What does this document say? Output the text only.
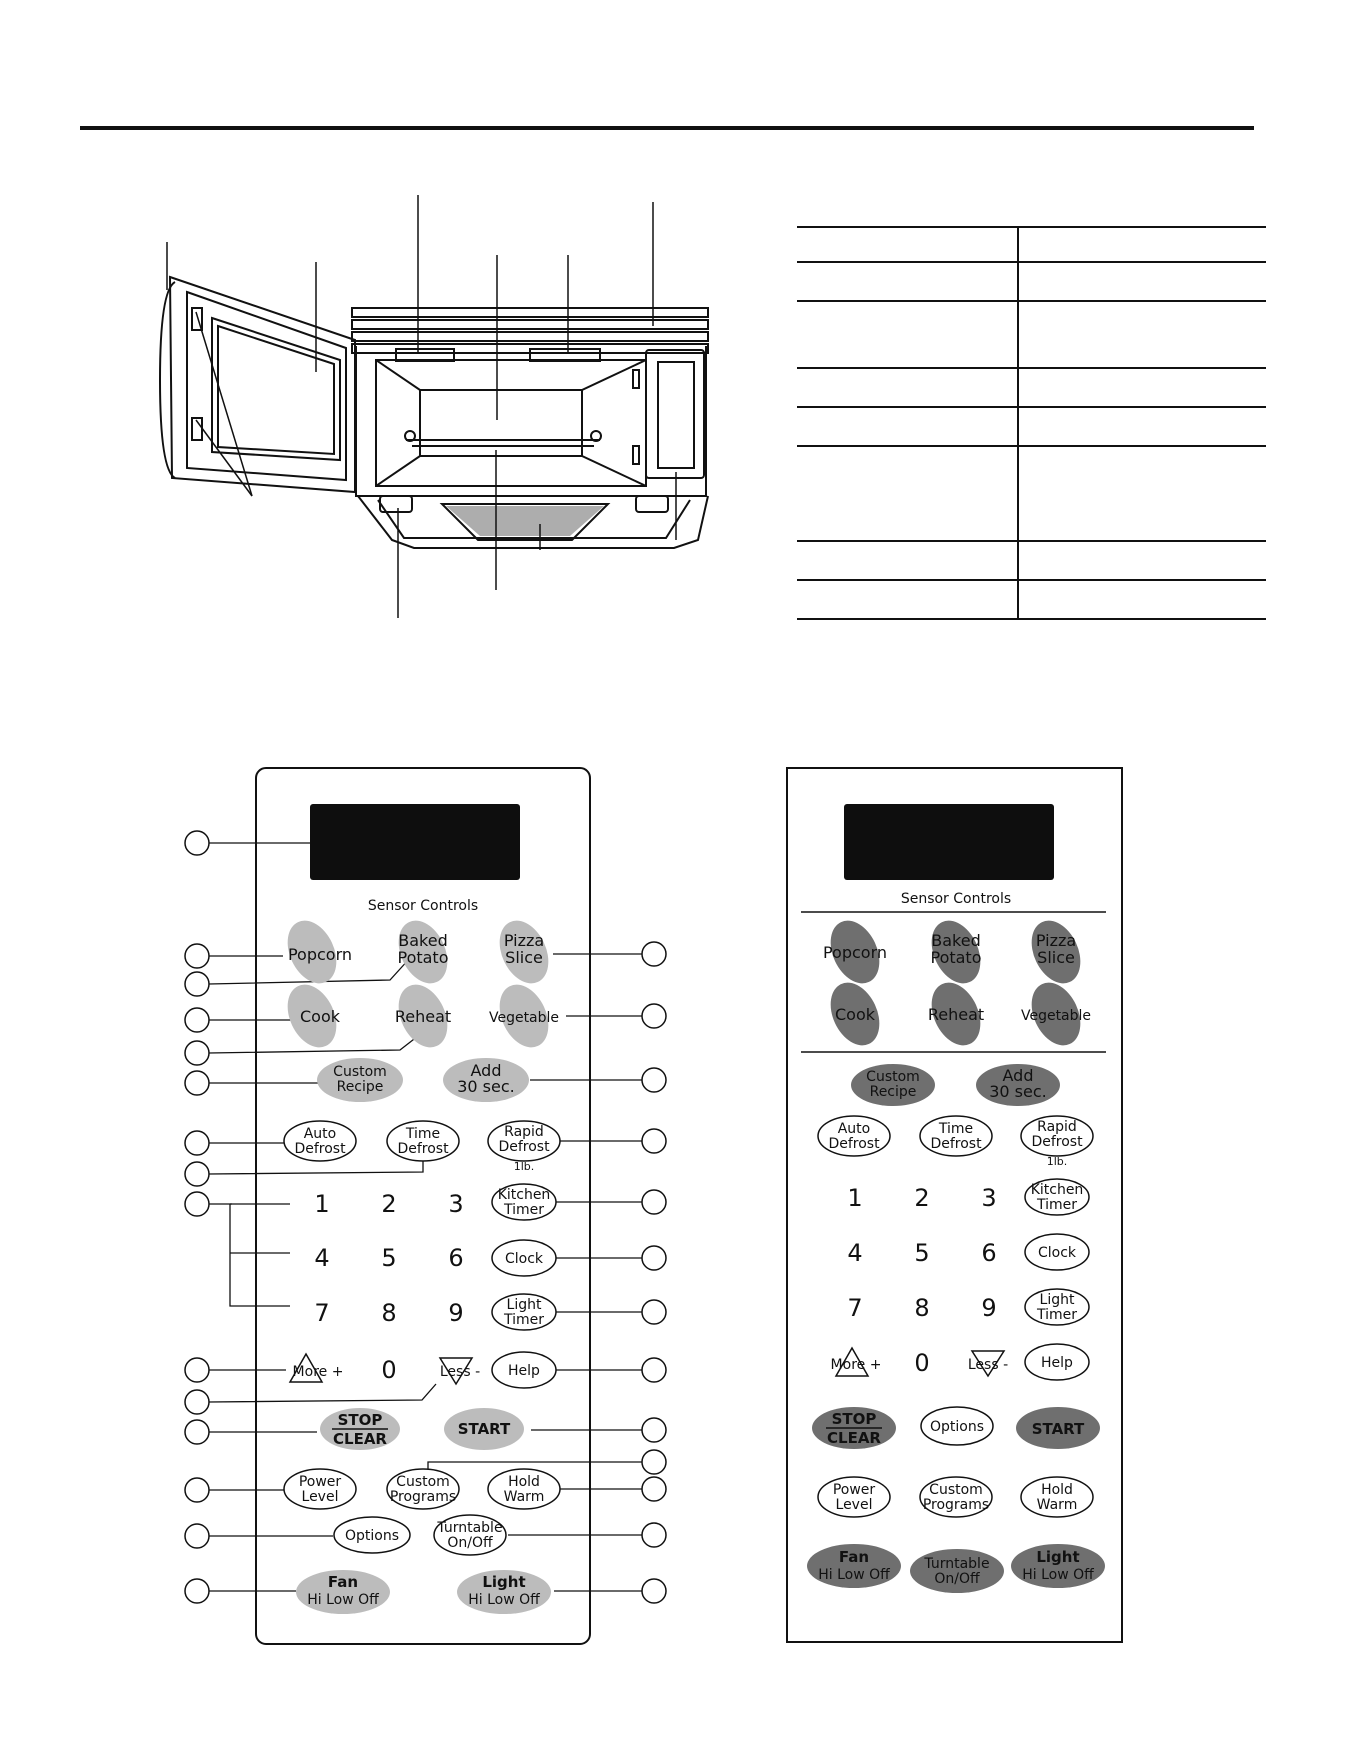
Sensor Controls
Popcorn
Baked Potato
Pizza Slice
Cook	Reheat	Vegetable
Custom Recipe
Add 30 sec.
Auto Defrost
Time Defrost
Rapid Defrost
1lb.
Kitchen Timer
Clock
Light Timer
Help
Power Level
Custom Programs
Hold Warm
Options	Turntable On/Off
1 2 3
4 5 6
7 8 9
0
More +	Less -
STOP
CLEAR
START
Fan
Hi Low Off
Light
Hi Low Off
Sensor Controls
Popcorn
Baked Potato
Pizza Slice
Cook	Reheat	Vegetable
Custom Recipe
Add 30 sec.
Auto Defrost
Time Defrost
Rapid Defrost
1lb.
Kitchen Timer
Clock
Light Timer
Help
Options
Power Level
Custom Programs
Hold Warm
1 2 3
4 5 6
7 8 9
0
More +	Less -
STOP
CLEAR	START
Fan
Hi Low Off
Turntable On/Off
Light
Hi Low Off
